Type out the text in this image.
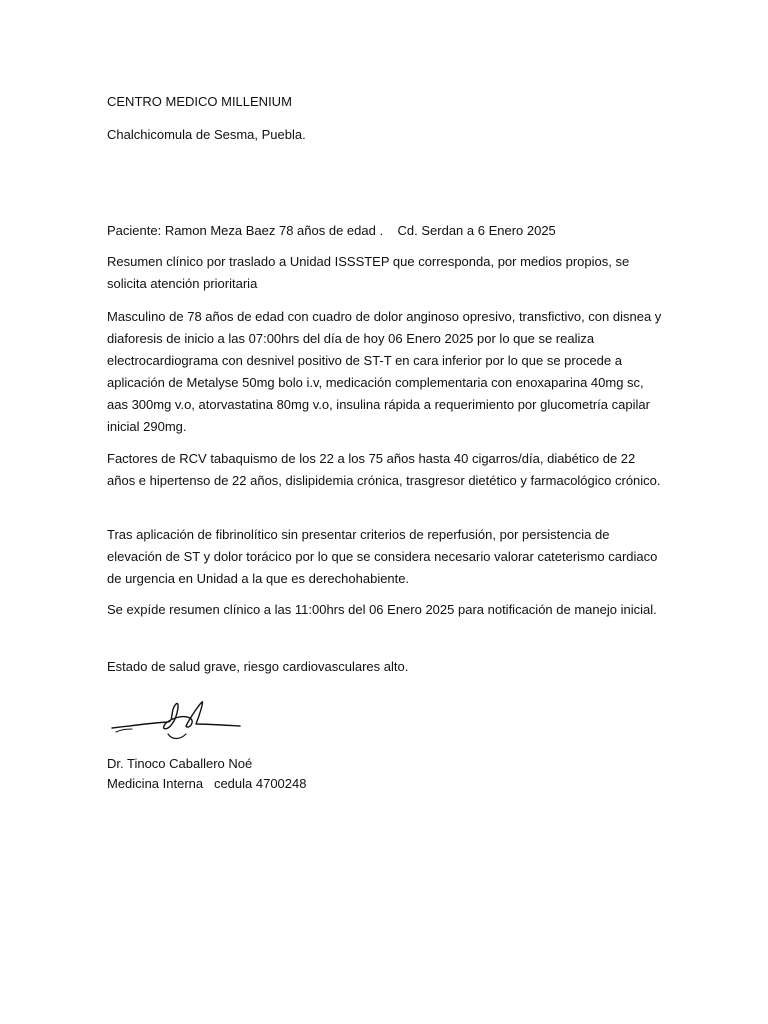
CENTRO MEDICO MILLENIUM

Chalchicomula de Sesma, Puebla.

Paciente: Ramon Meza Baez 78 años de edad .    Cd. Serdan a 6 Enero 2025

Resumen clínico por traslado a Unidad ISSSTEP que corresponda, por medios propios, se solicita atención prioritaria

Masculino de 78 años de edad con cuadro de dolor anginoso opresivo, transfictivo, con disnea y diaforesis de inicio a las 07:00hrs del día de hoy 06 Enero 2025 por lo que se realiza electrocardiograma con desnivel positivo de ST-T en cara inferior por lo que se procede a aplicación de Metalyse 50mg bolo i.v, medicación complementaria con enoxaparina 40mg sc, aas 300mg v.o, atorvastatina 80mg v.o, insulina rápida a requerimiento por glucometría capilar inicial 290mg.

Factores de RCV tabaquismo de los 22 a los 75 años hasta 40 cigarros/día, diabético de 22 años e hipertenso de 22 años, dislipidemia crónica, trasgresor dietético y farmacológico crónico.

Tras aplicación de fibrinolítico sin presentar criterios de reperfusión, por persistencia de elevación de ST y dolor torácico por lo que se considera necesario valorar cateterismo cardiaco de urgencia en Unidad a la que es derechohabiente.

Se expíde resumen clínico a las 11:00hrs del 06 Enero 2025 para notificación de manejo inicial.

Estado de salud grave, riesgo cardiovasculares alto.

Dr. Tinoco Caballero Noé

Medicina Interna   cedula 4700248
